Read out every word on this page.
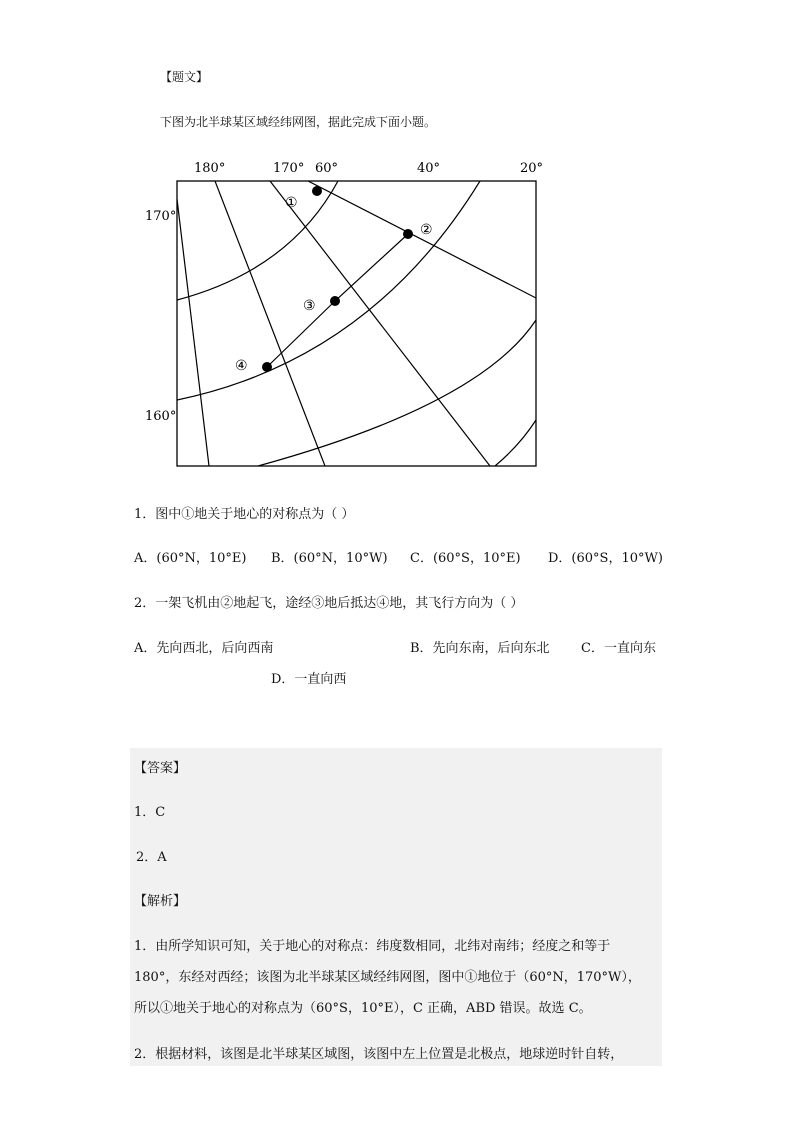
【题文】
下图为北半球某区域经纬网图，据此完成下面小题。
①
②
③
④
180°	170° 60°	40°	20°
170°
160°
1．图中①地关于地心的对称点为（ ）
A．(60°N，10°E) B．(60°N，10°W) C．(60°S，10°E) D．(60°S，10°W)
2．一架飞机由②地起飞，途经③地后抵达④地，其飞行方向为（ ）
A．先向西北，后向西南	B．先向东南，后向东北 C．一直向东
D．一直向西
【答案】
1．C
2．A
【解析】
1．由所学知识可知，关于地心的对称点：纬度数相同，北纬对南纬；经度之和等于
180°，东经对西经；该图为北半球某区域经纬网图，图中①地位于（60°N，170°W），
所以①地关于地心的对称点为（60°S，10°E），C 正确，ABD 错误。故选 C。
2．根据材料，该图是北半球某区域图，该图中左上位置是北极点，地球逆时针自转，
